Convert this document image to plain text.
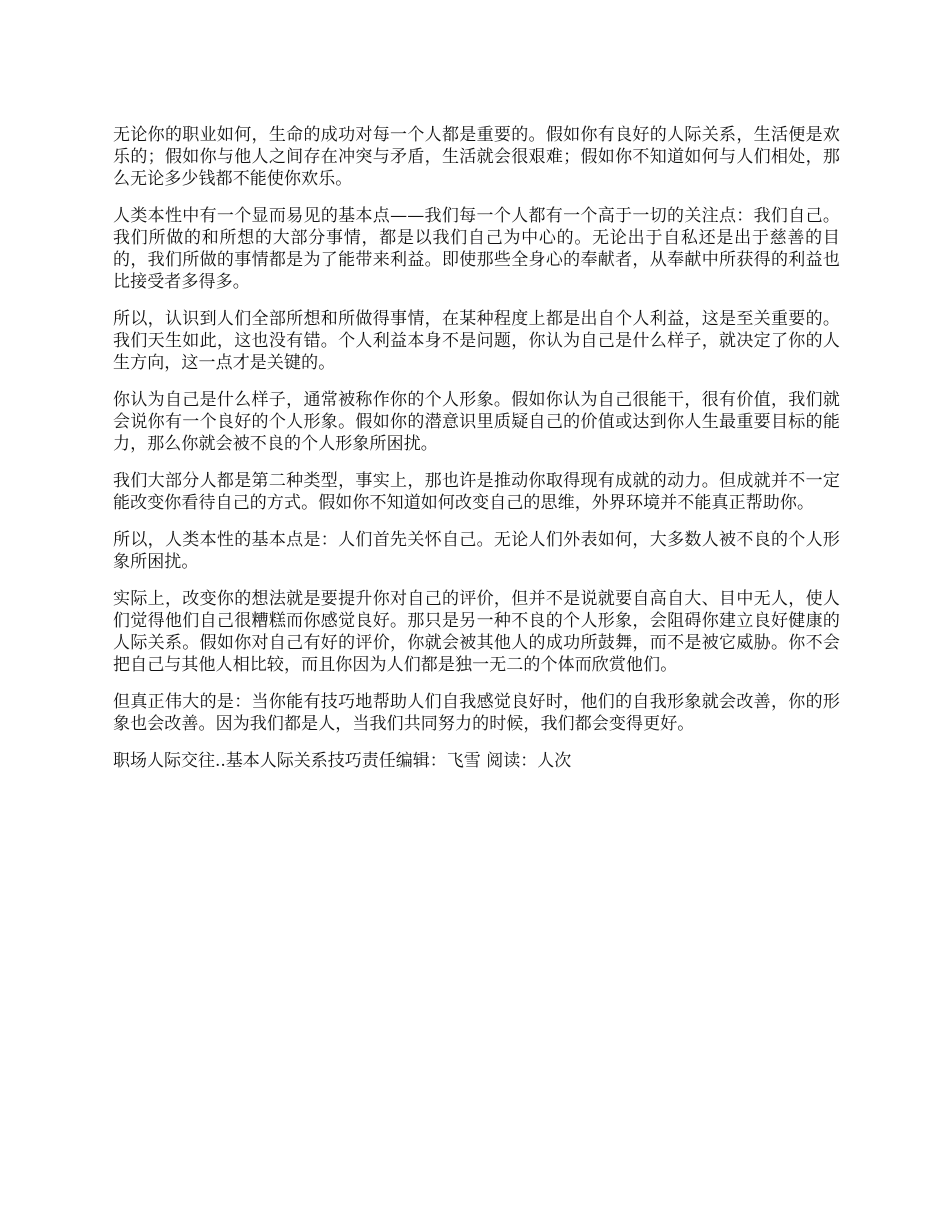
无论你的职业如何，生命的成功对每一个人都是重要的。假如你有良好的人际关系，生活便是欢乐的；假如你与他人之间存在冲突与矛盾，生活就会很艰难；假如你不知道如何与人们相处，那么无论多少钱都不能使你欢乐。

人类本性中有一个显而易见的基本点——我们每一个人都有一个高于一切的关注点：我们自己。我们所做的和所想的大部分事情，都是以我们自己为中心的。无论出于自私还是出于慈善的目的，我们所做的事情都是为了能带来利益。即使那些全身心的奉献者，从奉献中所获得的利益也比接受者多得多。

所以，认识到人们全部所想和所做得事情，在某种程度上都是出自个人利益，这是至关重要的。我们天生如此，这也没有错。个人利益本身不是问题，你认为自己是什么样子，就决定了你的人生方向，这一点才是关键的。

你认为自己是什么样子，通常被称作你的个人形象。假如你认为自己很能干，很有价值，我们就会说你有一个良好的个人形象。假如你的潜意识里质疑自己的价值或达到你人生最重要目标的能力，那么你就会被不良的个人形象所困扰。

我们大部分人都是第二种类型，事实上，那也许是推动你取得现有成就的动力。但成就并不一定能改变你看待自己的方式。假如你不知道如何改变自己的思维，外界环境并不能真正帮助你。

所以，人类本性的基本点是：人们首先关怀自己。无论人们外表如何，大多数人被不良的个人形象所困扰。

实际上，改变你的想法就是要提升你对自己的评价，但并不是说就要自高自大、目中无人，使人们觉得他们自己很糟糕而你感觉良好。那只是另一种不良的个人形象，会阻碍你建立良好健康的人际关系。假如你对自己有好的评价，你就会被其他人的成功所鼓舞，而不是被它威胁。你不会把自己与其他人相比较，而且你因为人们都是独一无二的个体而欣赏他们。

但真正伟大的是：当你能有技巧地帮助人们自我感觉良好时，他们的自我形象就会改善，你的形象也会改善。因为我们都是人，当我们共同努力的时候，我们都会变得更好。

职场人际交往..基本人际关系技巧责任编辑：飞雪 阅读：人次
